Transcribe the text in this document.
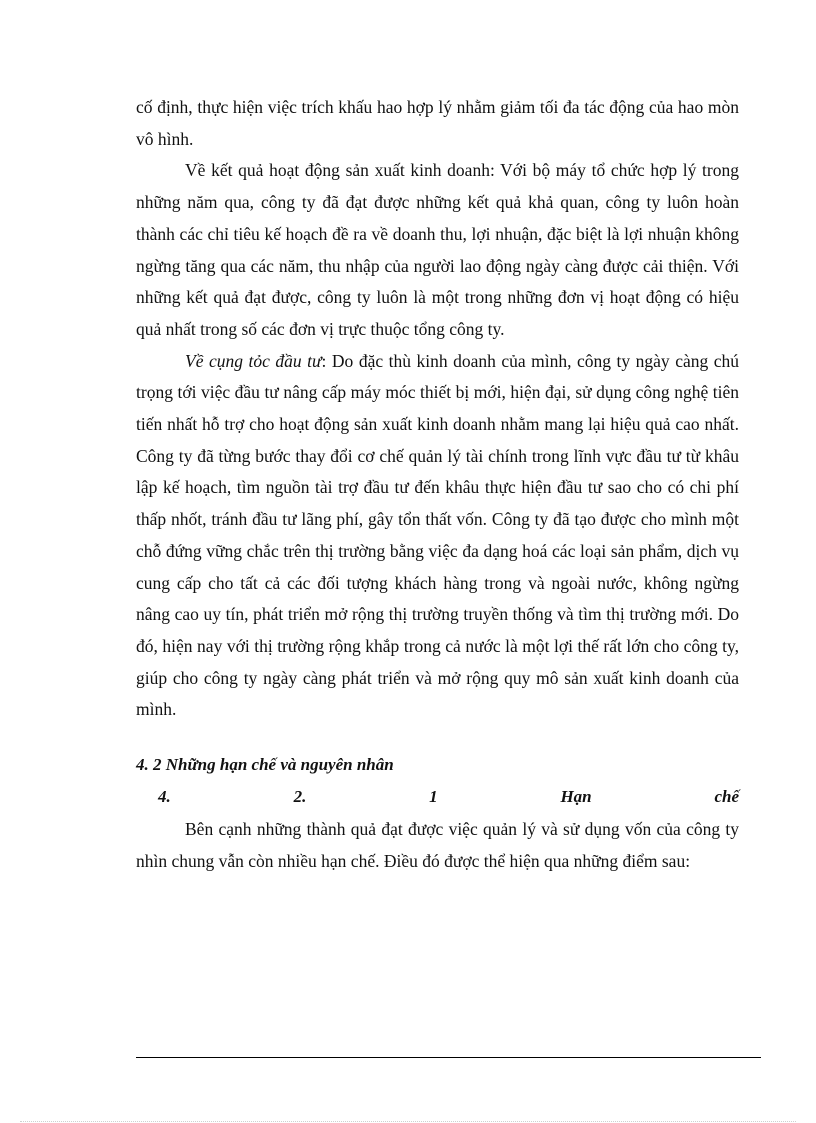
cố định, thực hiện việc trích khấu hao hợp lý nhằm giảm tối đa tác động của hao mòn vô hình.

Về kết quả hoạt động sản xuất kinh doanh: Với bộ máy tổ chức hợp lý trong những năm qua, công ty đã đạt được những kết quả khả quan, công ty luôn hoàn thành các chỉ tiêu kế hoạch đề ra về doanh thu, lợi nhuận, đặc biệt là lợi nhuận không ngừng tăng qua các năm, thu nhập của người lao động ngày càng được cải thiện. Với những kết quả đạt được, công ty luôn là một trong những đơn vị hoạt động có hiệu quả nhất trong số các đơn vị trực thuộc tổng công ty.

Về cụng tỏc đầu tư: Do đặc thù kinh doanh của mình, công ty ngày càng chú trọng tới việc đầu tư nâng cấp máy móc thiết bị mới, hiện đại, sử dụng công nghệ tiên tiến nhất hỗ trợ cho hoạt động sản xuất kinh doanh nhằm mang lại hiệu quả cao nhất. Công ty đã từng bước thay đổi cơ chế quản lý tài chính trong lĩnh vực đầu tư từ khâu lập kế hoạch, tìm nguồn tài trợ đầu tư đến khâu thực hiện đầu tư sao cho có chi phí thấp nhốt, tránh đầu tư lãng phí, gây tổn thất vốn. Công ty đã tạo được cho mình một chỗ đứng vững chắc trên thị trường bằng việc đa dạng hoá các loại sản phẩm, dịch vụ cung cấp cho tất cả các đối tượng khách hàng trong và ngoài nước, không ngừng nâng cao uy tín, phát triển mở rộng thị trường truyền thống và tìm thị trường mới. Do đó, hiện nay với thị trường rộng khắp trong cả nước là một lợi thế rất lớn cho công ty, giúp cho công ty ngày càng phát triển và mở rộng quy mô sản xuất kinh doanh của mình.

4. 2 Những hạn chế và nguyên nhân
4.	2.	1	Hạn	chế

Bên cạnh những thành quả đạt được việc quản lý và sử dụng vốn của công ty nhìn chung vẫn còn nhiều hạn chế. Điều đó được thể hiện qua những điểm sau:
